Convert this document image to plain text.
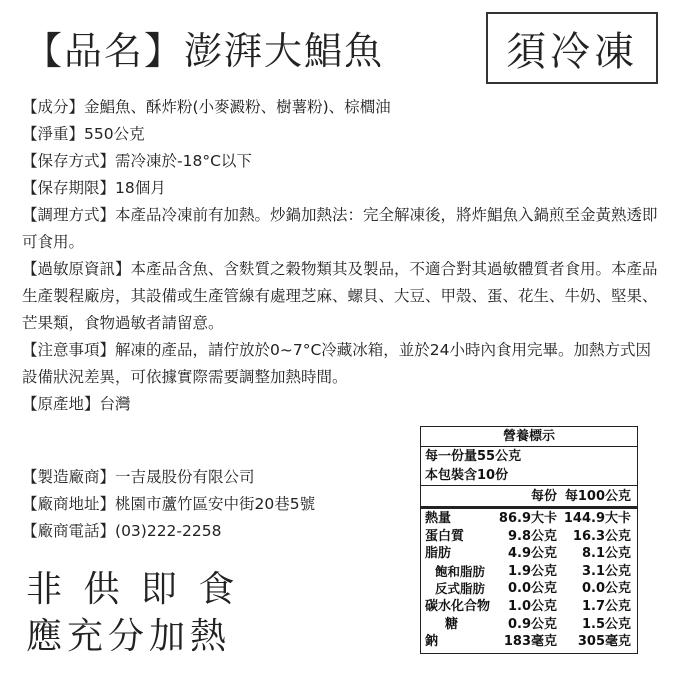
【品名】澎湃大鯧魚	須冷凍

【成分】金鯧魚、酥炸粉(小麥澱粉、樹薯粉)、棕櫚油

【淨重】550公克

【保存方式】需冷凍於-18°C以下

【保存期限】18個月

【調理方式】本產品冷凍前有加熱。炒鍋加熱法：完全解凍後，將炸鯧魚入鍋煎至金黃熟透即可食用。

【過敏原資訊】本產品含魚、含麩質之穀物類其及製品，不適合對其過敏體質者食用。本產品生產製程廠房，其設備或生產管線有處理芝麻、螺貝、大豆、甲殼、蛋、花生、牛奶、堅果、芒果類，食物過敏者請留意。

【注意事項】解凍的產品，請佇放於0~7°C冷藏冰箱，並於24小時內食用完畢。加熱方式因設備狀況差異，可依據實際需要調整加熱時間。

【原產地】台灣

【製造廠商】一吉晟股份有限公司

【廠商地址】桃園市蘆竹區安中街20巷5號

【廠商電話】(03)222-2258

非 供 即 食
應充分加熱
營養標示
每一份量55公克
本包裝含10份
每份 每100公克
熱量	86.9大卡 144.9大卡
蛋白質	9.8公克	16.3公克
脂肪	4.9公克	8.1公克
飽和脂肪	1.9公克	3.1公克
反式脂肪	0.0公克	0.0公克
碳水化合物	1.0公克	1.7公克
糖	0.9公克	1.5公克
鈉	183毫克	305毫克
